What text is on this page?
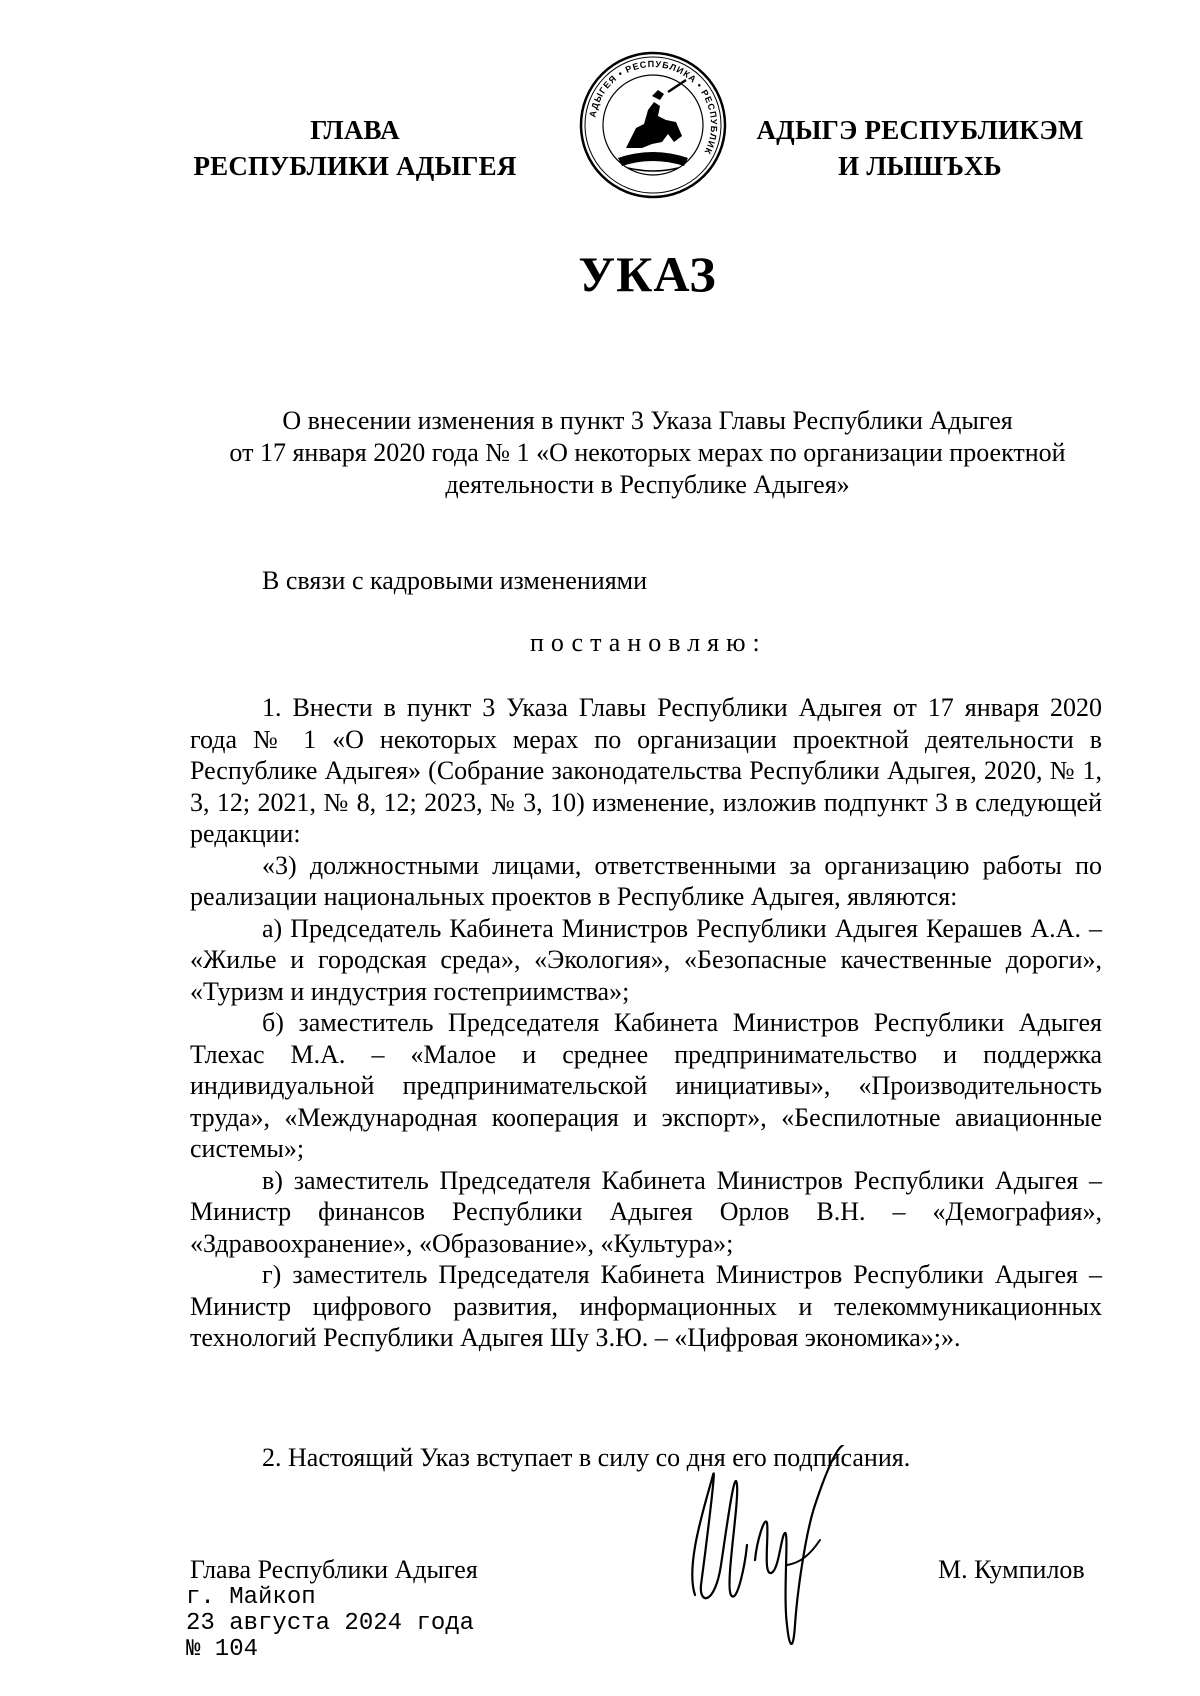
ГЛАВА
РЕСПУБЛИКИ АДЫГЕЯ
АДЫГЕЯ • РЕСПУБЛИКА • РЕСПУБЛИК
АДЫГЭ РЕСПУБЛИКЭМ
И ЛЫШЪХЬ
УКАЗ
О внесении изменения в пункт 3 Указа Главы Республики Адыгея
от 17 января 2020 года № 1 «О некоторых мерах по организации проектной
деятельности в Республике Адыгея»

В связи с кадровыми изменениями

постановляю:

1. Внести в пункт 3 Указа Главы Республики Адыгея от 17 января 2020 года № 1 «О некоторых мерах по организации проектной деятельности в Республике Адыгея» (Собрание законодательства Республики Адыгея, 2020, № 1, 3, 12; 2021, № 8, 12; 2023, № 3, 10) изменение, изложив подпункт 3 в следующей редакции:

«3) должностными лицами, ответственными за организацию работы по реализации национальных проектов в Республике Адыгея, являются:

а) Председатель Кабинета Министров Республики Адыгея Керашев А.А. – «Жилье и городская среда», «Экология», «Безопасные качественные дороги», «Туризм и индустрия гостеприимства»;

б) заместитель Председателя Кабинета Министров Республики Адыгея Тлехас М.А. – «Малое и среднее предпринимательство и поддержка индивидуальной предпринимательской инициативы», «Производительность труда», «Международная кооперация и экспорт», «Беспилотные авиационные системы»;

в) заместитель Председателя Кабинета Министров Республики Адыгея – Министр финансов Республики Адыгея Орлов В.Н. – «Демография», «Здравоохранение», «Образование», «Культура»;

г) заместитель Председателя Кабинета Министров Республики Адыгея – Министр цифрового развития, информационных и телекоммуникационных технологий Республики Адыгея Шу З.Ю. – «Цифровая экономика»;».

2. Настоящий Указ вступает в силу со дня его подписания.

Глава Республики Адыгея	М. Кумпилов
г. Майкоп
23 августа 2024 года
№ 104
